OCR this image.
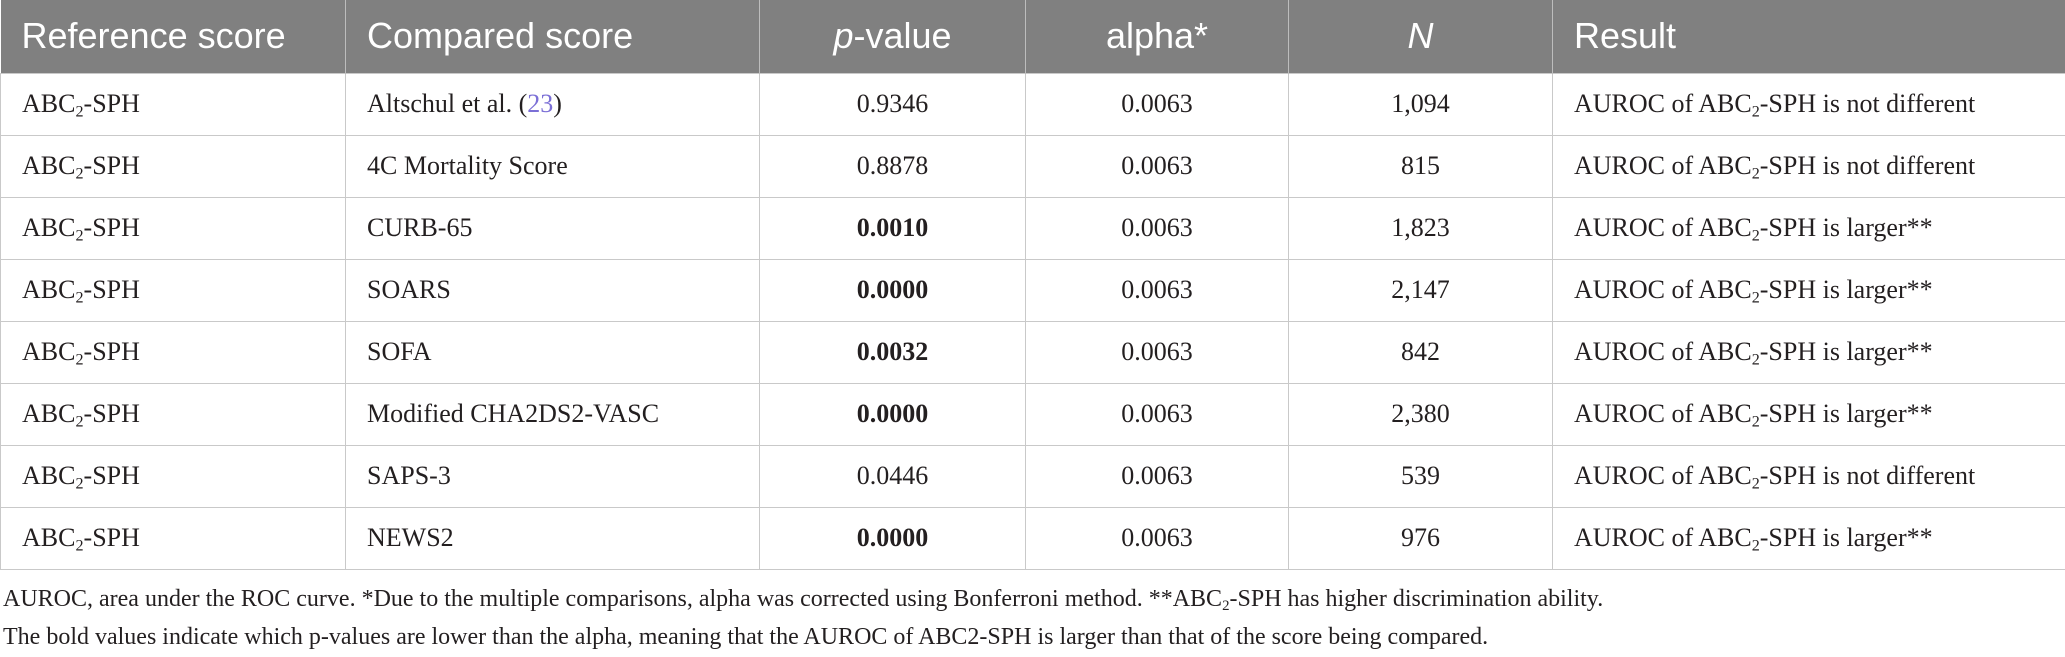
Reference score	Compared score	p-value	alpha*	N	Result
$ABC_2$-SPH	Altschul et al. (23)	0.9346	0.0063	1,094	AUROC of $ABC_2$-SPH is not different
$ABC_2$-SPH	4C Mortality Score	0.8878	0.0063	815	AUROC of $ABC_2$-SPH is not different
$ABC_2$-SPH	CURB-65	0.0010	0.0063	1,823	AUROC of $ABC_2$-SPH is larger**
$ABC_2$-SPH	SOARS	0.0000	0.0063	2,147	AUROC of $ABC_2$-SPH is larger**
$ABC_2$-SPH	SOFA	0.0032	0.0063	842	AUROC of $ABC_2$-SPH is larger**
$ABC_2$-SPH	Modified CHA2DS2-VASC	0.0000	0.0063	2,380	AUROC of $ABC_2$-SPH is larger**
$ABC_2$-SPH	SAPS-3	0.0446	0.0063	539	AUROC of $ABC_2$-SPH is not different
$ABC_2$-SPH	NEWS2	0.0000	0.0063	976	AUROC of $ABC_2$-SPH is larger**
AUROC, area under the ROC curve. *Due to the multiple comparisons, alpha was corrected using Bonferroni method. $**ABC_2$-SPH has higher discrimination ability.
The bold values indicate which p-values are lower than the alpha, meaning that the AUROC of ABC2-SPH is larger than that of the score being compared.
